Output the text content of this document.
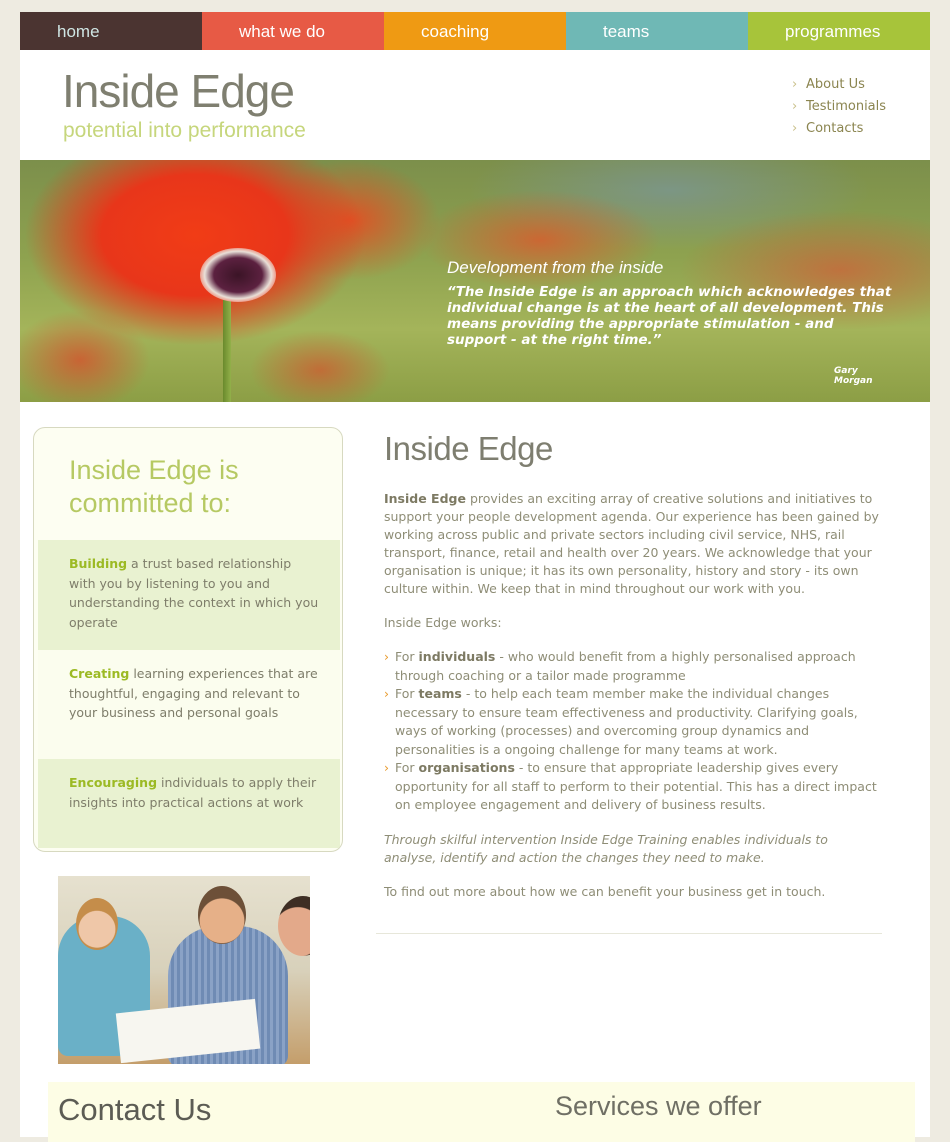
home	what we do	coaching	teams	programmes
Inside Edge
potential into performance
› About Us
› Testimonials
› Contacts
Development from the inside
“The Inside Edge is an approach which acknowledges that individual change is at the heart of all development. This means providing the appropriate stimulation - and support - at the right time.”
Gary Morgan
Inside Edge is committed to:
Building a trust based relationship with you by listening to you and understanding the context in which you operate
Creating learning experiences that are thoughtful, engaging and relevant to your business and personal goals
Encouraging individuals to apply their insights into practical actions at work
Inside Edge

Inside Edge provides an exciting array of creative solutions and initiatives to support your people development agenda. Our experience has been gained by working across public and private sectors including civil service, NHS, rail transport, finance, retail and health over 20 years. We acknowledge that your organisation is unique; it has its own personality, history and story - its own culture within. We keep that in mind throughout our work with you.

Inside Edge works:

› For individuals - who would benefit from a highly personalised approach through coaching or a tailor made programme
› For teams - to help each team member make the individual changes necessary to ensure team effectiveness and productivity. Clarifying goals, ways of working (processes) and overcoming group dynamics and personalities is a ongoing challenge for many teams at work.
› For organisations - to ensure that appropriate leadership gives every opportunity for all staff to perform to their potential. This has a direct impact on employee engagement and delivery of business results.

Through skilful intervention Inside Edge Training enables individuals to analyse, identify and action the changes they need to make.

To find out more about how we can benefit your business get in touch.

Contact Us	Services we offer
